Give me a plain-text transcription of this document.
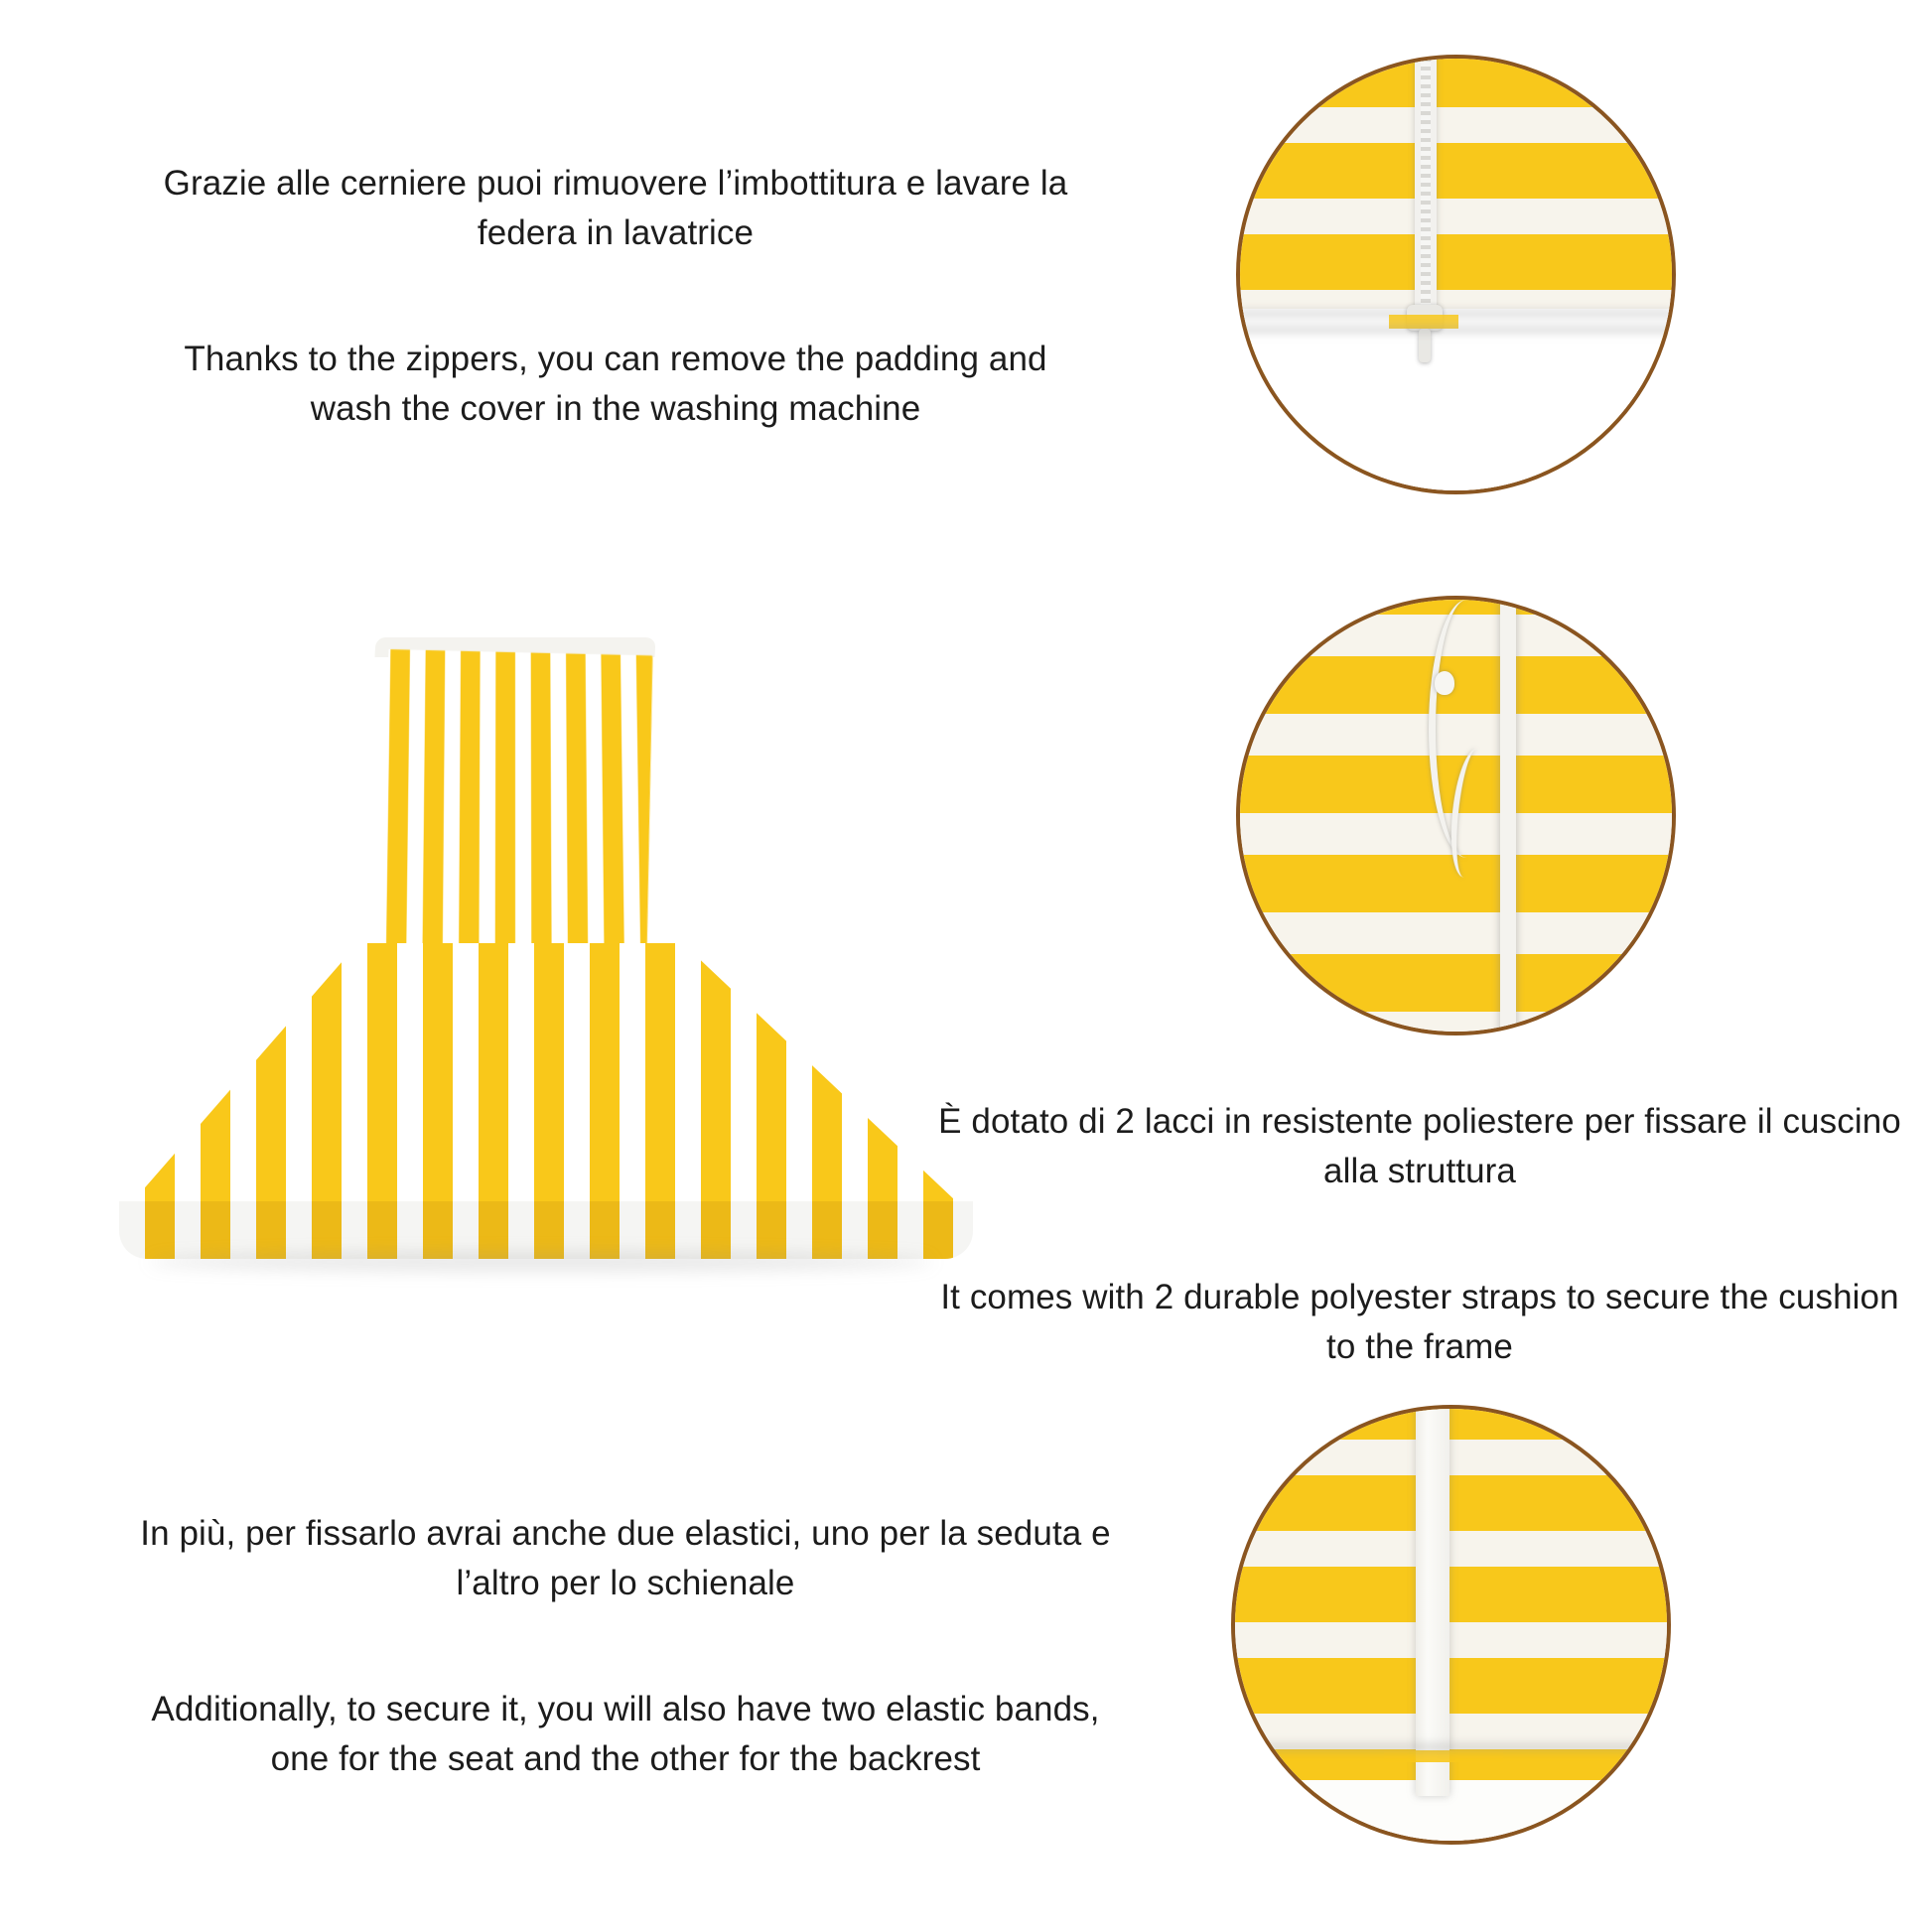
Grazie alle cerniere puoi rimuovere l’imbottitura e lavare la federa in lavatrice

Thanks to the zippers, you can remove the padding and wash the cover in the washing machine

È dotato di 2 lacci in resistente poliestere per fissare il cuscino alla struttura

It comes with 2 durable polyester straps to secure the cushion to the frame

In più, per fissarlo avrai anche due elastici, uno per la seduta e l’altro per lo schienale

Additionally, to secure it, you will also have two elastic bands, one for the seat and the other for the backrest
